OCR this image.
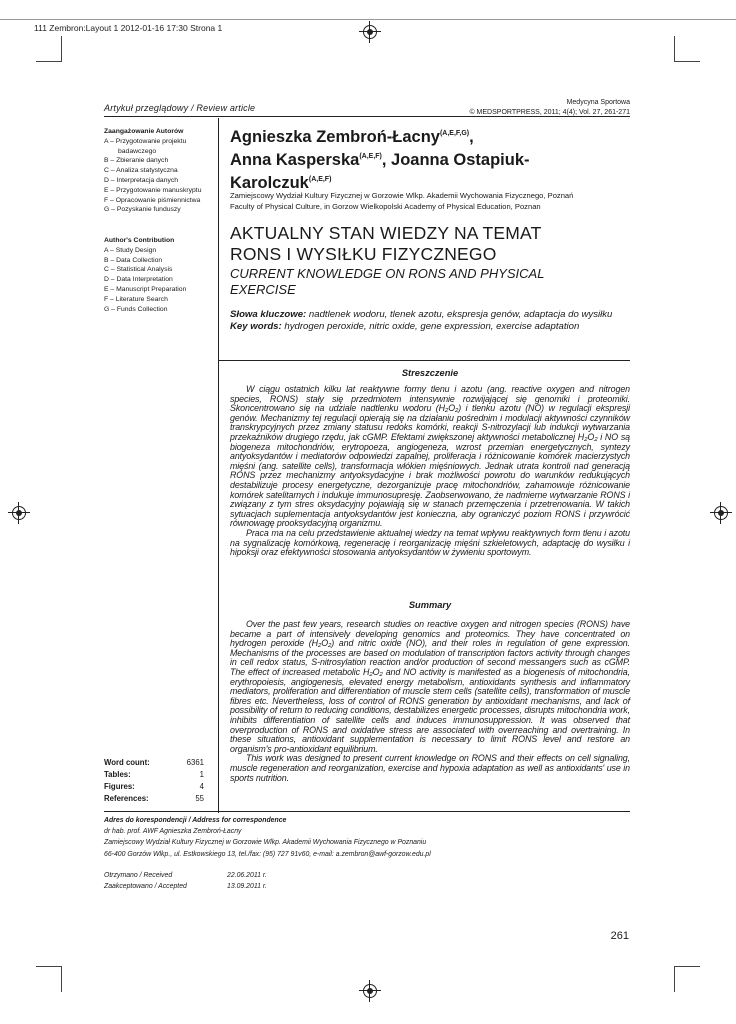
111 Zembron:Layout 1 2012-01-16 17:30 Strona 1
Artykuł przeglądowy / Review article
Medycyna Sportowa
© MEDSPORTPRESS, 2011; 4(4); Vol. 27, 261-271
Zaangażowanie Autorów
A – Przygotowanie projektu
badawczego
B – Zbieranie danych
C – Analiza statystyczna
D – Interpretacja danych
E – Przygotowanie manuskryptu
F – Opracowanie piśmiennictwa
G – Pozyskanie funduszy
Author's Contribution
A – Study Design
B – Data Collection
C – Statistical Analysis
D – Data Interpretation
E – Manuscript Preparation
F – Literature Search
G – Funds Collection
Agnieszka Zembroń-Łacny$^{(A,E,F,G)}$,
Anna Kasperska$^{(A,E,F)}$, Joanna Ostapiuk-
Karolczuk$^{(A,E,F)}$
Zamiejscowy Wydział Kultury Fizycznej w Gorzowie Wlkp. Akademii Wychowania Fizycznego, Poznań
Faculty of Physical Culture, in Gorzow Wielkopolski Academy of Physical Education, Poznan
AKTUALNY STAN WIEDZY NA TEMAT
RONS I WYSIŁKU FIZYCZNEGO
CURRENT KNOWLEDGE ON RONS AND PHYSICAL
EXERCISE
Słowa kluczowe: nadtlenek wodoru, tlenek azotu, ekspresja genów, adaptacja do wysiłku
Key words: hydrogen peroxide, nitric oxide, gene expression, exercise adaptation
Streszczenie

W ciągu ostatnich kilku lat reaktywne formy tlenu i azotu (ang. reactive oxygen and nitrogen species, RONS) stały się przedmiotem intensywnie rozwijającej się genomiki i proteomiki. Skoncentrowano się na udziale nadtlenku wodoru (H₂O₂) i tlenku azotu (NO) w regulacji ekspresji genów. Mechanizmy tej regulacji opierają się na działaniu pośrednim i modulacji aktywności czynników transkrypcyjnych przez zmiany statusu redoks komórki, reakcji S-nitrozylacji lub indukcji wytwarzania przekaźników drugiego rzędu, jak cGMP. Efektami zwiększonej aktywności metabolicznej H₂O₂ i NO są biogeneza mitochondriów, erytropoeza, angiogeneza, wzrost przemian energetycznych, syntezy antyoksydantów i mediatorów odpowiedzi zapalnej, proliferacja i różnicowanie komórek macierzystych mięśni (ang. satellite cells), transformacja włókien mięśniowych. Jednak utrata kontroli nad generacją RONS przez mechanizmy antyoksydacyjne i brak możliwości powrotu do warunków redukujących destabilizuje procesy energetyczne, dezorganizuje pracę mitochondriów, zahamowuje różnicowanie komórek satelitarnych i indukuje immunosupresję. Zaobserwowano, że nadmierne wytwarzanie RONS i związany z tym stres oksydacyjny pojawiają się w stanach przemęczenia i przetrenowania. W takich sytuacjach suplementacja antyoksydantów jest konieczna, aby ograniczyć poziom RONS i przywrócić równowagę prooksydacyjną organizmu.

Praca ma na celu przedstawienie aktualnej wiedzy na temat wpływu reaktywnych form tlenu i azotu na sygnalizację komórkową, regenerację i reorganizację mięśni szkieletowych, adaptację do wysiłku i hipoksji oraz efektywności stosowania antyoksydantów w żywieniu sportowym.

Summary

Over the past few years, research studies on reactive oxygen and nitrogen species (RONS) have became a part of intensively developing genomics and proteomics. They have concentrated on hydrogen peroxide (H₂O₂) and nitric oxide (NO), and their roles in regulation of gene expression. Mechanisms of the processes are based on modulation of transcription factors activity through changes in cell redox status, S-nitrosylation reaction and/or production of second messangers such as cGMP. The effect of increased metabolic H₂O₂ and NO activity is manifested as a biogenesis of mitochondria, erythropoiesis, angiogenesis, elevated energy metabolism, antioxidants synthesis and inflammatory mediators, proliferation and differentiation of muscle stem cells (satellite cells), transformation of muscle fibres etc. Nevertheless, loss of control of RONS generation by antioxidant mechanisms, and lack of possibility of return to reducing conditions, destabilizes energetic processes, disrupts mitochondria work, inhibits differentiation of satellite cells and induces immunosuppression. It was observed that overproduction of RONS and oxidative stress are associated with overreaching and overtraining. In these situations, antioxidant supplementation is necessary to limit RONS level and restore an organism's pro-antioxidant equilibrium.

This work was designed to present current knowledge on RONS and their effects on cell signaling, muscle regeneration and reorganization, exercise and hypoxia adaptation as well as antioxidants' use in sports nutrition.

Word count:	6361
Tables:	1
Figures:	4
References:	55
Adres do korespondencji / Address for correspondence
dr hab. prof. AWF Agnieszka Zembroń-Łacny
Zamiejscowy Wydział Kultury Fizycznej w Gorzowie Wlkp. Akademii Wychowania Fizycznego w Poznaniu
66-400 Gorzów Wlkp., ul. Estkowskiego 13, tel./fax: (95) 727 91v60, e-mail: a.zembron@awf-gorzow.edu.pl
Otrzymano / Received	22.06.2011 r.
Zaakceptowano / Accepted	13.09.2011 r.
261
